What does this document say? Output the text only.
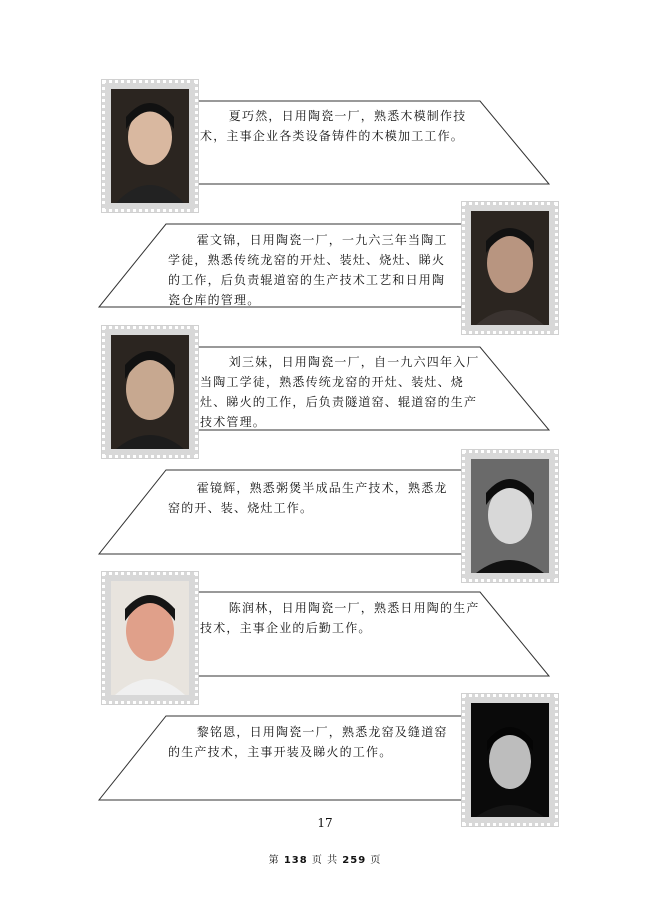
夏巧然，日用陶瓷一厂，熟悉木模制作技术，主事企业各类设备铸件的木模加工工作。
霍文锦，日用陶瓷一厂，一九六三年当陶工学徒，熟悉传统龙窑的开灶、装灶、烧灶、睇火的工作，后负责辊道窑的生产技术工艺和日用陶瓷仓库的管理。
刘三妹，日用陶瓷一厂，自一九六四年入厂当陶工学徒，熟悉传统龙窑的开灶、装灶、烧灶、睇火的工作，后负责隧道窑、辊道窑的生产技术管理。
霍镜辉，熟悉粥煲半成品生产技术，熟悉龙窑的开、装、烧灶工作。
陈润林，日用陶瓷一厂，熟悉日用陶的生产技术，主事企业的后勤工作。
黎铭恩，日用陶瓷一厂，熟悉龙窑及缝道窑的生产技术，主事开装及睇火的工作。
17
第 138 页 共 259 页
